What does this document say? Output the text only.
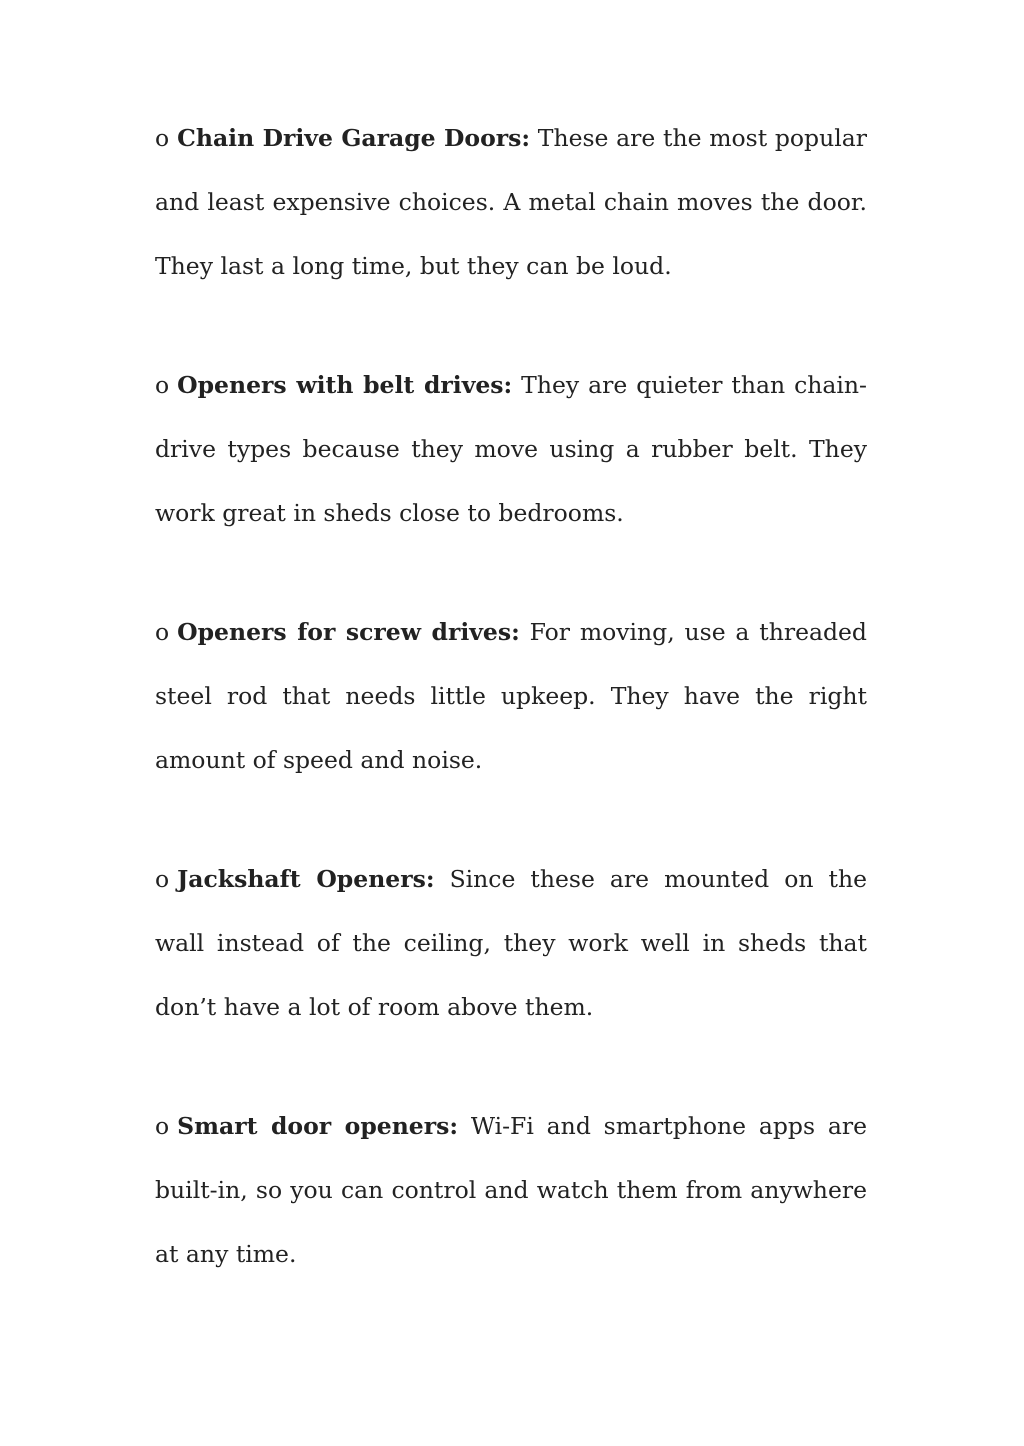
o Chain Drive Garage Doors: These are the most popular and least expensive choices. A metal chain moves the door. They last a long time, but they can be loud.

o Openers with belt drives: They are quieter than chain-drive types because they move using a rubber belt. They work great in sheds close to bedrooms.

o Openers for screw drives: For moving, use a threaded steel rod that needs little upkeep. They have the right amount of speed and noise.

o Jackshaft Openers: Since these are mounted on the wall instead of the ceiling, they work well in sheds that don’t have a lot of room above them.

o Smart door openers: Wi-Fi and smartphone apps are built-in, so you can control and watch them from anywhere at any time.
